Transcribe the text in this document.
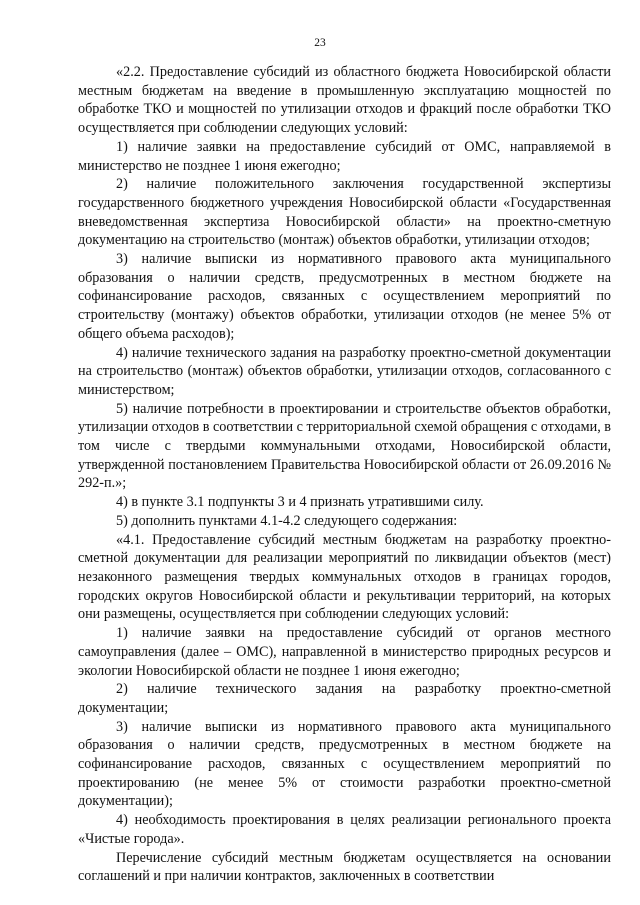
23

«2.2. Предоставление субсидий из областного бюджета Новосибирской области местным бюджетам на введение в промышленную эксплуатацию мощностей по обработке ТКО и мощностей по утилизации отходов и фракций после обработки ТКО осуществляется при соблюдении следующих условий:

1) наличие заявки на предоставление субсидий от ОМС, направляемой в министерство не позднее 1 июня ежегодно;

2) наличие положительного заключения государственной экспертизы государственного бюджетного учреждения Новосибирской области «Государственная вневедомственная экспертиза Новосибирской области» на проектно-сметную документацию на строительство (монтаж) объектов обработки, утилизации отходов;

3) наличие выписки из нормативного правового акта муниципального образования о наличии средств, предусмотренных в местном бюджете на софинансирование расходов, связанных с осуществлением мероприятий по строительству (монтажу) объектов обработки, утилизации отходов (не менее 5% от общего объема расходов);

4) наличие технического задания на разработку проектно-сметной документации на строительство (монтаж) объектов обработки, утилизации отходов, согласованного с министерством;

5) наличие потребности в проектировании и строительстве объектов обработки, утилизации отходов в соответствии с территориальной схемой обращения с отходами, в том числе с твердыми коммунальными отходами, Новосибирской области, утвержденной постановлением Правительства Новосибирской области от 26.09.2016 № 292-п.»;

4) в пункте 3.1 подпункты 3 и 4 признать утратившими силу.

5) дополнить пунктами 4.1-4.2 следующего содержания:

«4.1. Предоставление субсидий местным бюджетам на разработку проектно-сметной документации для реализации мероприятий по ликвидации объектов (мест) незаконного размещения твердых коммунальных отходов в границах городов, городских округов Новосибирской области и рекультивации территорий, на которых они размещены, осуществляется при соблюдении следующих условий:

1) наличие заявки на предоставление субсидий от органов местного самоуправления (далее – ОМС), направленной в министерство природных ресурсов и экологии Новосибирской области не позднее 1 июня ежегодно;

2) наличие технического задания на разработку проектно-сметной документации;

3) наличие выписки из нормативного правового акта муниципального образования о наличии средств, предусмотренных в местном бюджете на софинансирование расходов, связанных с осуществлением мероприятий по проектированию (не менее 5% от стоимости разработки проектно-сметной документации);

4) необходимость проектирования в целях реализации регионального проекта «Чистые города».

Перечисление субсидий местным бюджетам осуществляется на основании соглашений и при наличии контрактов, заключенных в соответствии
